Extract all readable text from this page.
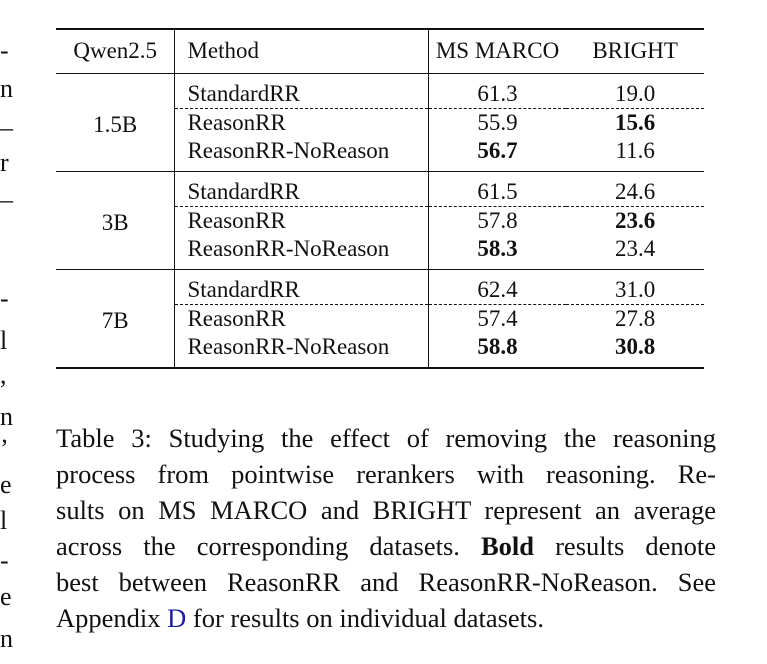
-
n
_
r
_
-
l
,
n
’
e
l
-
e
n
Qwen2.5	Method	MS MARCO	BRIGHT
1.5B	StandardRR	61.3	19.0
	ReasonRR	55.9	15.6
	ReasonRR-NoReason	56.7	11.6
3B	StandardRR	61.5	24.6
	ReasonRR	57.8	23.6
	ReasonRR-NoReason	58.3	23.4
7B	StandardRR	62.4	31.0
	ReasonRR	57.4	27.8
	ReasonRR-NoReason	58.8	30.8
Table 3: Studying the effect of removing the reasoning
process from pointwise rerankers with reasoning. Re-
sults on MS MARCO and BRIGHT represent an average
across the corresponding datasets. Bold results denote
best between ReasonRR and ReasonRR-NoReason. See
Appendix D for results on individual datasets.
